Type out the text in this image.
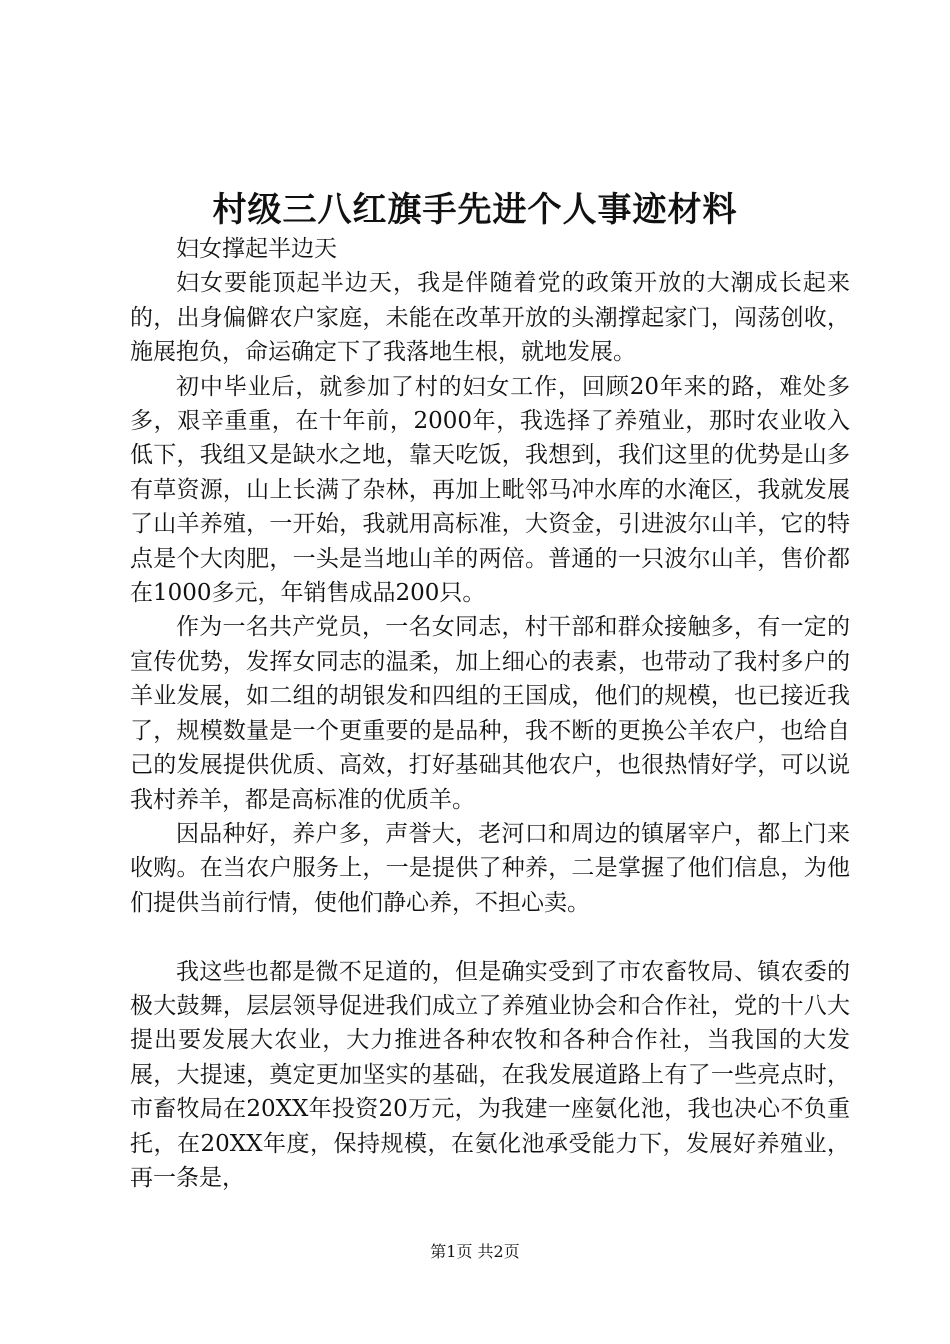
村级三八红旗手先进个人事迹材料

妇女撑起半边天

妇女要能顶起半边天，我是伴随着党的政策开放的大潮成长起来的，出身偏僻农户家庭，未能在改革开放的头潮撑起家门，闯荡创收，施展抱负，命运确定下了我落地生根，就地发展。

初中毕业后，就参加了村的妇女工作，回顾20年来的路，难处多多，艰辛重重，在十年前，2000年，我选择了养殖业，那时农业收入低下，我组又是缺水之地，靠天吃饭，我想到，我们这里的优势是山多有草资源，山上长满了杂林，再加上毗邻马冲水库的水淹区，我就发展了山羊养殖，一开始，我就用高标准，大资金，引进波尔山羊，它的特点是个大肉肥，一头是当地山羊的两倍。普通的一只波尔山羊，售价都在1000多元，年销售成品200只。

作为一名共产党员，一名女同志，村干部和群众接触多，有一定的宣传优势，发挥女同志的温柔，加上细心的表素，也带动了我村多户的羊业发展，如二组的胡银发和四组的王国成，他们的规模，也已接近我了，规模数量是一个更重要的是品种，我不断的更换公羊农户，也给自己的发展提供优质、高效，打好基础其他农户，也很热情好学，可以说我村养羊，都是高标准的优质羊。

因品种好，养户多，声誉大，老河口和周边的镇屠宰户，都上门来收购。在当农户服务上，一是提供了种养，二是掌握了他们信息，为他们提供当前行情，使他们静心养，不担心卖。

我这些也都是微不足道的，但是确实受到了市农畜牧局、镇农委的极大鼓舞，层层领导促进我们成立了养殖业协会和合作社，党的十八大提出要发展大农业，大力推进各种农牧和各种合作社，当我国的大发展，大提速，奠定更加坚实的基础，在我发展道路上有了一些亮点时，市畜牧局在20XX年投资20万元，为我建一座氨化池，我也决心不负重托，在20XX年度，保持规模，在氨化池承受能力下，发展好养殖业，再一条是，

第1页 共2页
